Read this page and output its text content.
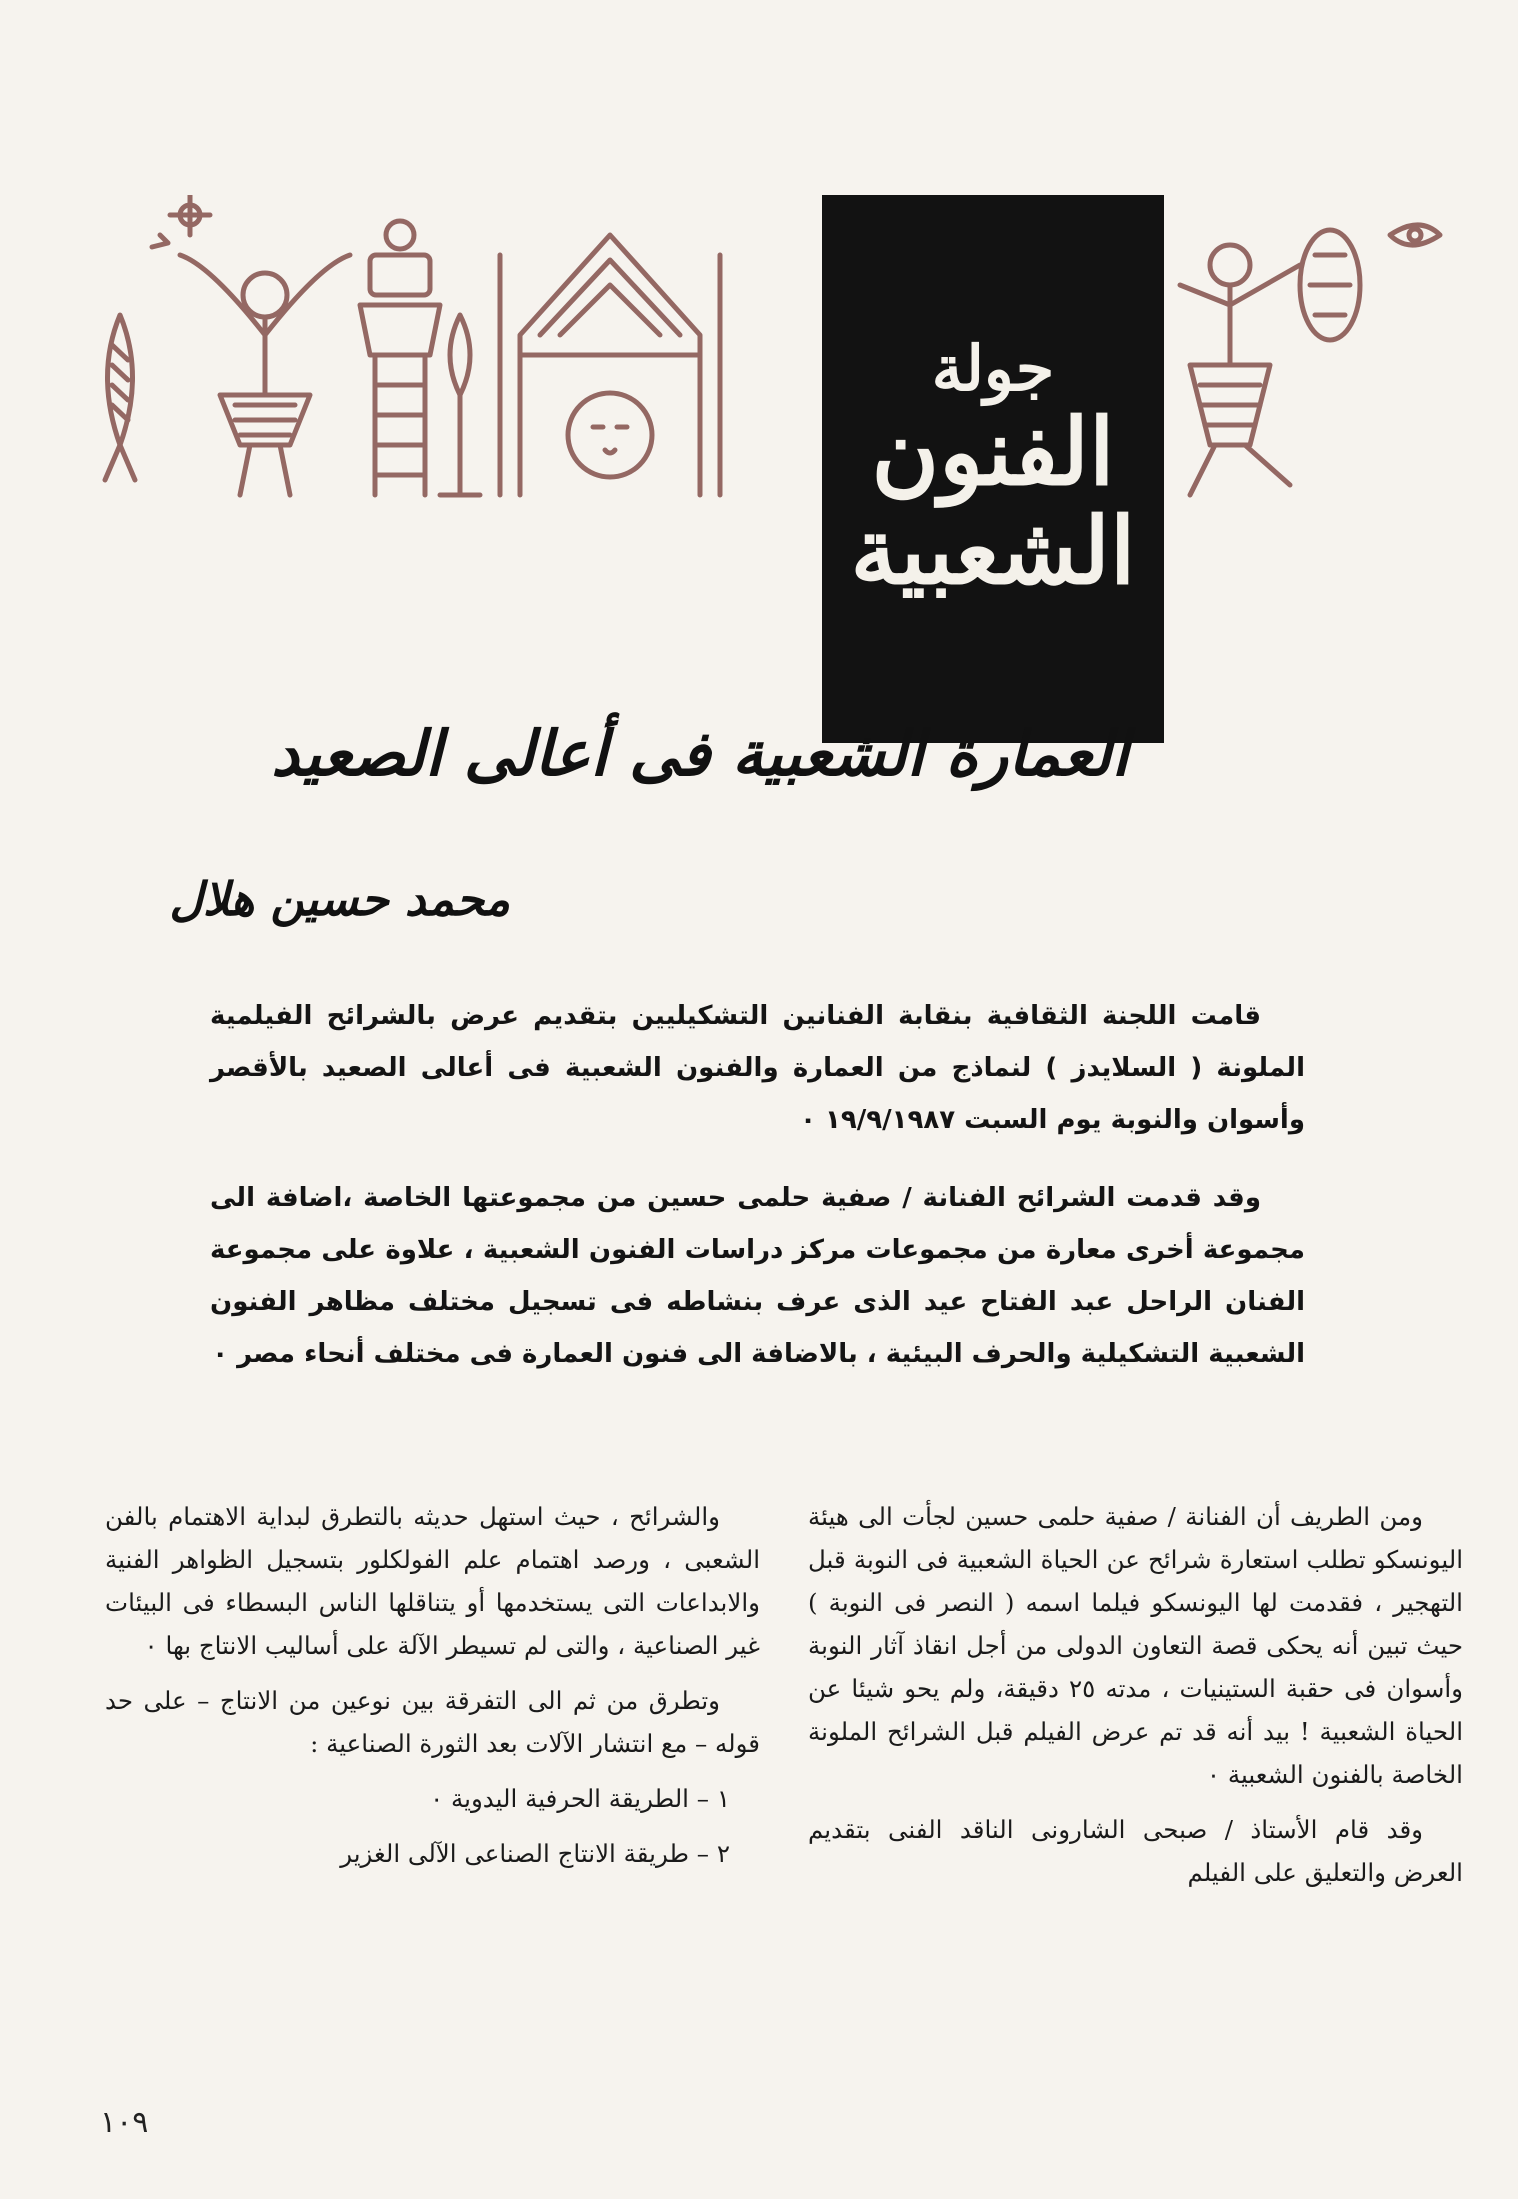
جولة
الفنون
الشعبية
العمارة الشعبية فى أعالى الصعيد
محمد حسين هلال

قامت اللجنة الثقافية بنقابة الفنانين التشكيليين بتقديم عرض بالشرائح الفيلمية الملونة ( السلايدز ) لنماذج من العمارة والفنون الشعبية فى أعالى الصعيد بالأقصر وأسوان والنوبة يوم السبت ١٩/٩/١٩٨٧ ٠

وقد قدمت الشرائح الفنانة / صفية حلمى حسين من مجموعتها الخاصة ،اضافة الى مجموعة أخرى معارة من مجموعات مركز دراسات الفنون الشعبية ، علاوة على مجموعة الفنان الراحل عبد الفتاح عيد الذى عرف بنشاطه فى تسجيل مختلف مظاهر الفنون الشعبية التشكيلية والحرف البيئية ، بالاضافة الى فنون العمارة فى مختلف أنحاء مصر ٠

ومن الطريف أن الفنانة / صفية حلمى حسين لجأت الى هيئة اليونسكو تطلب استعارة شرائح عن الحياة الشعبية فى النوبة قبل التهجير ، فقدمت لها اليونسكو فيلما اسمه ( النصر فى النوبة ) حيث تبين أنه يحكى قصة التعاون الدولى من أجل انقاذ آثار النوبة وأسوان فى حقبة الستينيات ، مدته ٢٥ دقيقة، ولم يحو شيئا عن الحياة الشعبية ! بيد أنه قد تم عرض الفيلم قبل الشرائح الملونة الخاصة بالفنون الشعبية ٠

وقد قام الأستاذ / صبحى الشارونى الناقد الفنى بتقديم العرض والتعليق على الفيلم

والشرائح ، حيث استهل حديثه بالتطرق لبداية الاهتمام بالفن الشعبى ، ورصد اهتمام علم الفولكلور بتسجيل الظواهر الفنية والابداعات التى يستخدمها أو يتناقلها الناس البسطاء فى البيئات غير الصناعية ، والتى لم تسيطر الآلة على أساليب الانتاج بها ٠

وتطرق من ثم الى التفرقة بين نوعين من الانتاج – على حد قوله – مع انتشار الآلات بعد الثورة الصناعية :

١ – الطريقة الحرفية اليدوية ٠

٢ – طريقة الانتاج الصناعى الآلى الغزير

١٠٩
